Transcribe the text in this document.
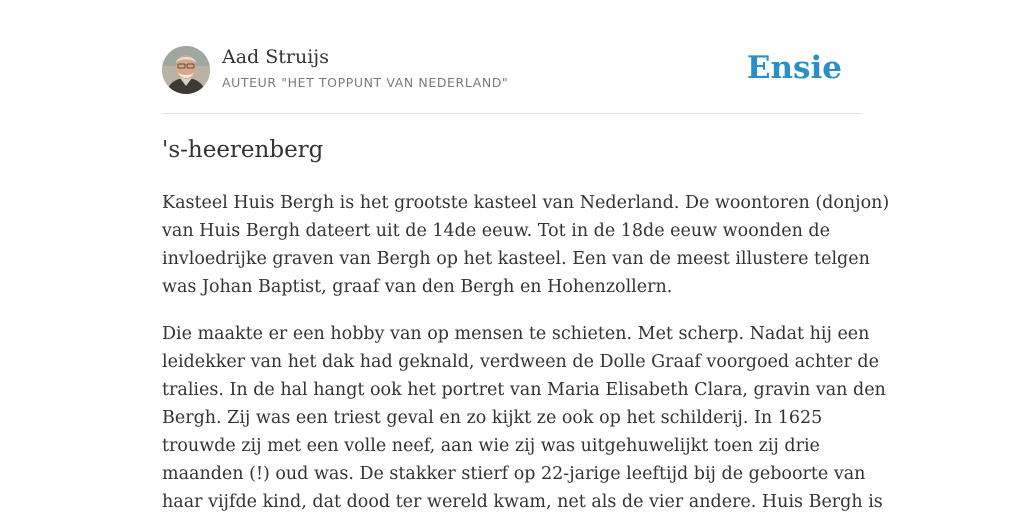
Aad Struijs
AUTEUR "HET TOPPUNT VAN NEDERLAND"	Ensie
's-heerenberg

Kasteel Huis Bergh is het grootste kasteel van Nederland. De woontoren (donjon)
van Huis Bergh dateert uit de 14de eeuw. Tot in de 18de eeuw woonden de
invloedrijke graven van Bergh op het kasteel. Een van de meest illustere telgen
was Johan Baptist, graaf van den Bergh en Hohenzollern.

Die maakte er een hobby van op mensen te schieten. Met scherp. Nadat hij een
leidekker van het dak had geknald, verdween de Dolle Graaf voorgoed achter de
tralies. In de hal hangt ook het portret van Maria Elisabeth Clara, gravin van den
Bergh. Zij was een triest geval en zo kijkt ze ook op het schilderij. In 1625
trouwde zij met een volle neef, aan wie zij was uitgehuwelijkt toen zij drie
maanden (!) oud was. De stakker stierf op 22-jarige leeftijd bij de geboorte van
haar vijfde kind, dat dood ter wereld kwam, net als de vier andere. Huis Bergh is
